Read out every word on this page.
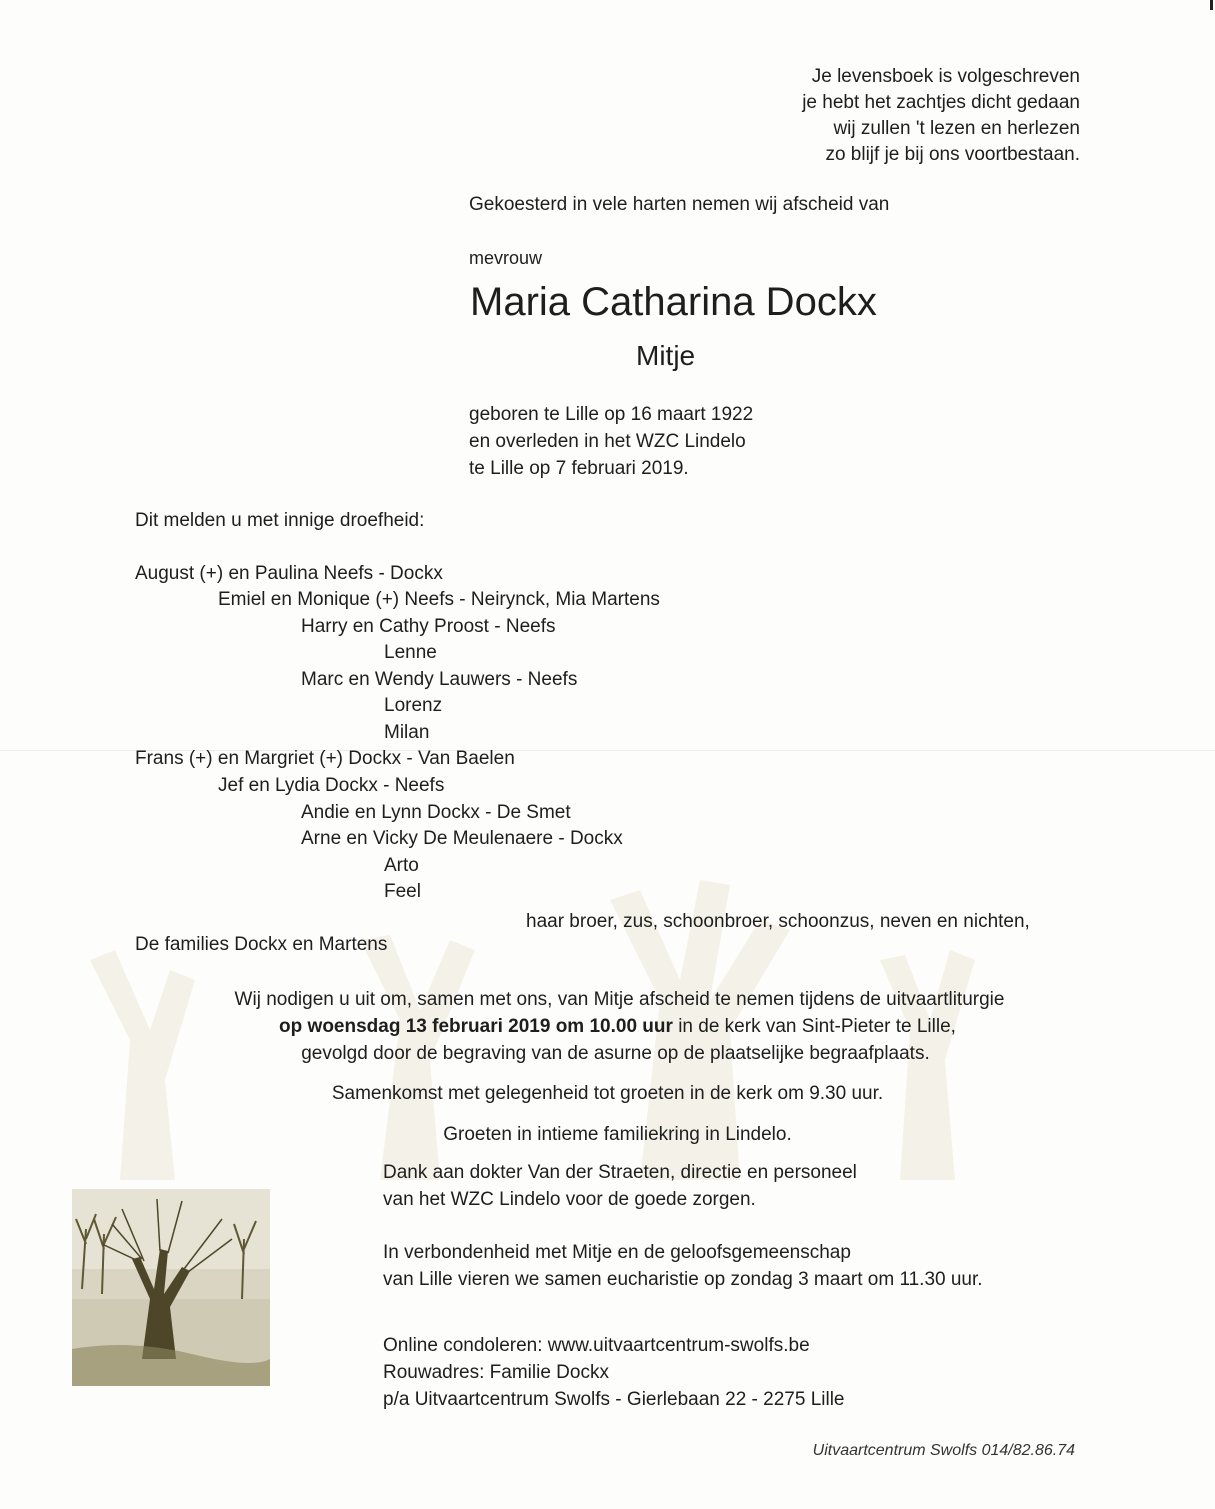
Je levensboek is volgeschreven
je hebt het zachtjes dicht gedaan
wij zullen 't lezen en herlezen
zo blijf je bij ons voortbestaan.
Gekoesterd in vele harten nemen wij afscheid van
mevrouw
Maria Catharina Dockx
Mitje
geboren te Lille op 16 maart 1922
en overleden in het WZC Lindelo
te Lille op 7 februari 2019.
Dit melden u met innige droefheid:
August (+) en Paulina Neefs - Dockx
Emiel en Monique (+) Neefs - Neirynck, Mia Martens
Harry en Cathy Proost - Neefs
Lenne
Marc en Wendy Lauwers - Neefs
Lorenz
Milan
Frans (+) en Margriet (+) Dockx - Van Baelen
Jef en Lydia Dockx - Neefs
Andie en Lynn Dockx - De Smet
Arne en Vicky De Meulenaere - Dockx
Arto
Feel
haar broer, zus, schoonbroer, schoonzus, neven en nichten,
De families Dockx en Martens
Wij nodigen u uit om, samen met ons, van Mitje afscheid te nemen tijdens de uitvaartliturgie
op woensdag 13 februari 2019 om 10.00 uur in de kerk van Sint-Pieter te Lille,
gevolgd door de begraving van de asurne op de plaatselijke begraafplaats.
Samenkomst met gelegenheid tot groeten in de kerk om 9.30 uur.
Groeten in intieme familiekring in Lindelo.
Dank aan dokter Van der Straeten, directie en personeel
van het WZC Lindelo voor de goede zorgen.
In verbondenheid met Mitje en de geloofsgemeenschap
van Lille vieren we samen eucharistie op zondag 3 maart om 11.30 uur.
Online condoleren: www.uitvaartcentrum-swolfs.be
Rouwadres: Familie Dockx
p/a Uitvaartcentrum Swolfs - Gierlebaan 22 - 2275 Lille
Uitvaartcentrum Swolfs 014/82.86.74
